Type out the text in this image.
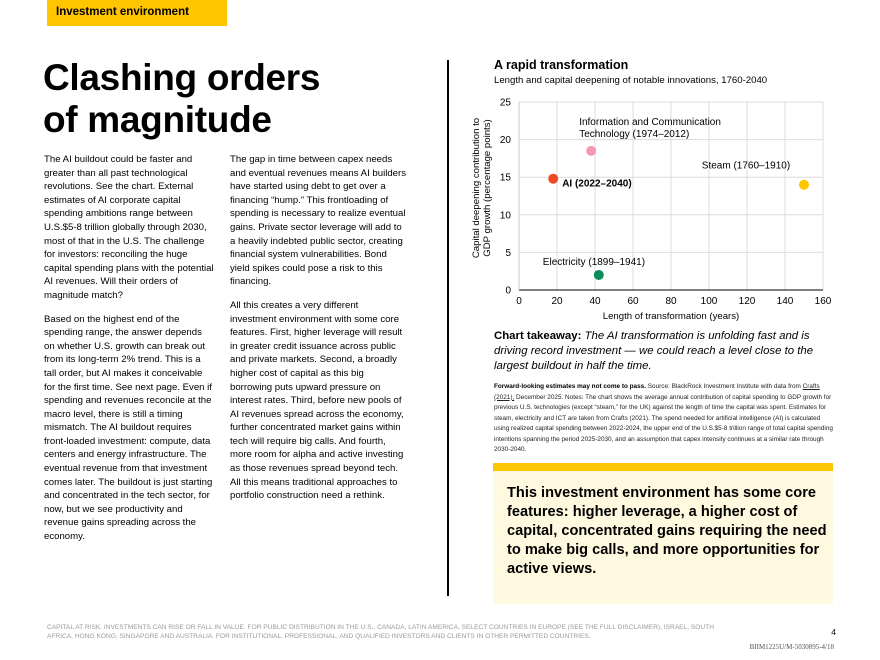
Investment environment
Clashing orders
of magnitude

The AI buildout could be faster and greater than all past technological revolutions. See the chart. External estimates of AI corporate capital spending ambitions range between U.S.$5-8 trillion globally through 2030, most of that in the U.S. The challenge for investors: reconciling the huge capital spending plans with the potential AI revenues. Will their orders of magnitude match?

Based on the highest end of the spending range, the answer depends on whether U.S. growth can break out from its long-term 2% trend. This is a tall order, but AI makes it conceivable for the first time. See next page. Even if spending and revenues reconcile at the macro level, there is still a timing mismatch. The AI buildout requires front-loaded investment: compute, data centers and energy infrastructure. The eventual revenue from that investment comes later. The buildout is just starting and concentrated in the tech sector, for now, but we see productivity and revenue gains spreading across the economy.

The gap in time between capex needs and eventual revenues means AI builders have started using debt to get over a financing “hump.” This frontloading of spending is necessary to realize eventual gains. Private sector leverage will add to a heavily indebted public sector, creating financial system vulnerabilities. Bond yield spikes could pose a risk to this financing.

All this creates a very different investment environment with some core features. First, higher leverage will result in greater credit issuance across public and private markets. Second, a broadly higher cost of capital as this big borrowing puts upward pressure on interest rates. Third, before new pools of AI revenues spread across the economy, further concentrated market gains within tech will require big calls. And fourth, more room for alpha and active investing as those revenues spread beyond tech. All this means traditional approaches to portfolio construction need a rethink.

A rapid transformation
Length and capital deepening of notable innovations, 1760-2040
0	20	40	60	80 100 120 140 160
0
5
10
15
20
25
Length of transformation (years)
Capital deepening contribution toGDP growth (percentage points)	AI (2022–2040)
Information and Communication
Technology (1974–2012)
Steam (1760–1910)
Electricity (1899–1941)
Chart takeaway: The AI transformation is unfolding fast and is driving record investment — we could reach a level close to the largest buildout in half the time.
Forward-looking estimates may not come to pass. Source: BlackRock Investment Institute with data from Crafts (2021), December 2025. Notes: The chart shows the average annual contribution of capital spending to GDP growth for previous U.S. technologies (except “steam,” for the UK) against the length of time the capital was spent. Estimates for steam, electricity and ICT are taken from Crafts (2021). The spend needed for artificial intelligence (AI) is calculated using realized capital spending between 2022-2024, the upper end of the U.S.$5-8 trillion range of total capital spending intentions spanning the period 2025-2030, and an assumption that capex intensity continues at a similar rate through 2030-2040.

This investment environment has some core features: higher leverage, a higher cost of capital, concentrated gains requiring the need to make big calls, and more opportunities for active views.

CAPITAL AT RISK. INVESTMENTS CAN RISE OR FALL IN VALUE. FOR PUBLIC DISTRIBUTION IN THE U.S., CANADA, LATIN AMERICA, SELECT COUNTRIES IN EUROPE (SEE THE FULL DISCLAIMER), ISRAEL, SOUTH AFRICA, HONG KONG, SINGAPORE AND AUSTRALIA. FOR INSTITUTIONAL, PROFESSIONAL, AND QUALIFIED INVESTORS AND CLIENTS IN OTHER PERMITTED COUNTRIES.	4
BIIM1225U/M-5030895-4/18
